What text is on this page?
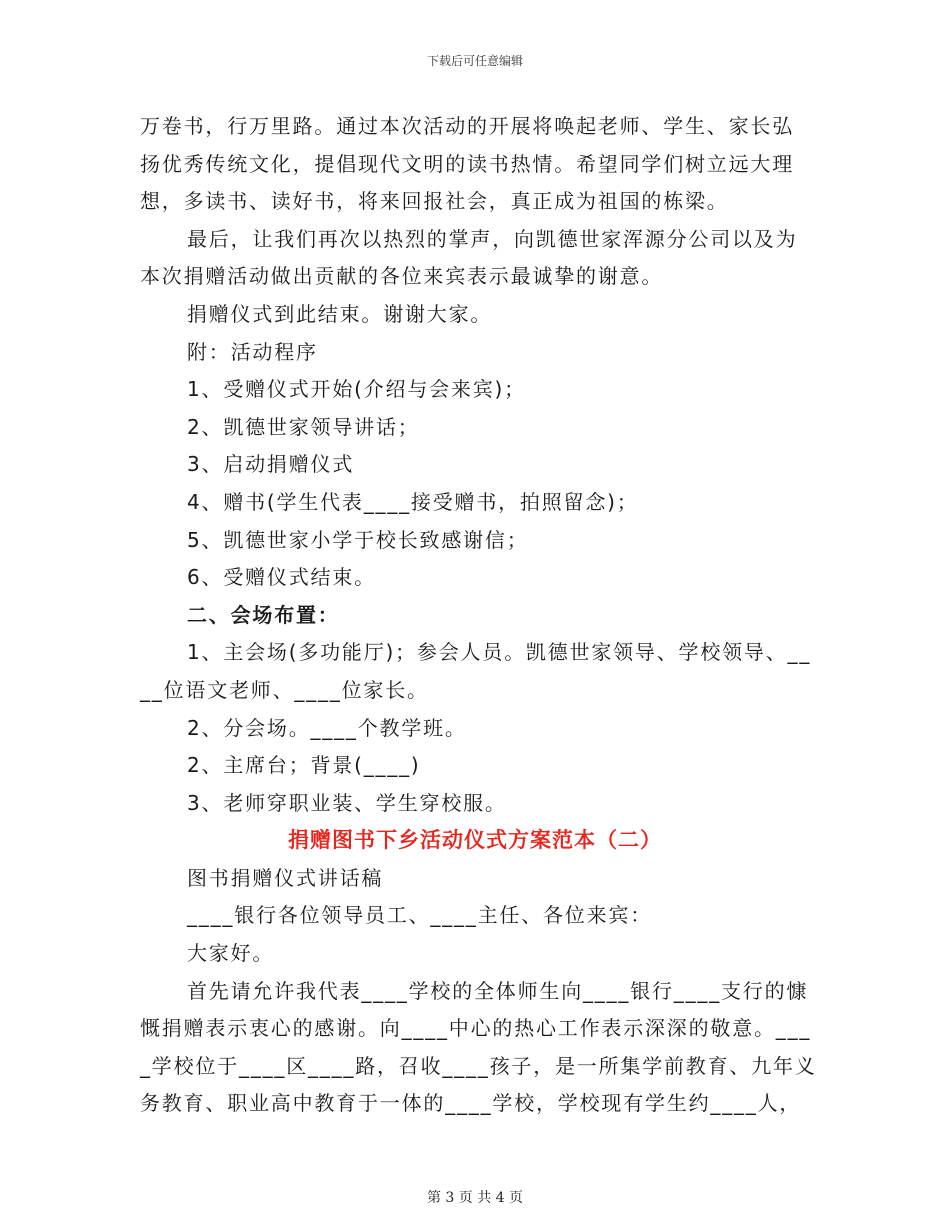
下载后可任意编辑
万卷书，行万里路。通过本次活动的开展将唤起老师、学生、家长弘
扬优秀传统文化，提倡现代文明的读书热情。希望同学们树立远大理
想，多读书、读好书，将来回报社会，真正成为祖国的栋梁。
最后，让我们再次以热烈的掌声，向凯德世家浑源分公司以及为
本次捐赠活动做出贡献的各位来宾表示最诚挚的谢意。
捐赠仪式到此结束。谢谢大家。
附：活动程序
1、受赠仪式开始(介绍与会来宾)；
2、凯德世家领导讲话；
3、启动捐赠仪式
4、赠书(学生代表____接受赠书，拍照留念)；
5、凯德世家小学于校长致感谢信；
6、受赠仪式结束。
二、会场布置：
1、主会场(多功能厅)；参会人员。凯德世家领导、学校领导、__
__位语文老师、____位家长。
2、分会场。____个教学班。
2、主席台；背景(____)
3、老师穿职业装、学生穿校服。
捐赠图书下乡活动仪式方案范本（二）
图书捐赠仪式讲话稿
____银行各位领导员工、____主任、各位来宾：
大家好。
首先请允许我代表____学校的全体师生向____银行____支行的慷
慨捐赠表示衷心的感谢。向____中心的热心工作表示深深的敬意。___
_学校位于____区____路，召收____孩子，是一所集学前教育、九年义
务教育、职业高中教育于一体的____学校，学校现有学生约____人，
第 3 页 共 4 页
